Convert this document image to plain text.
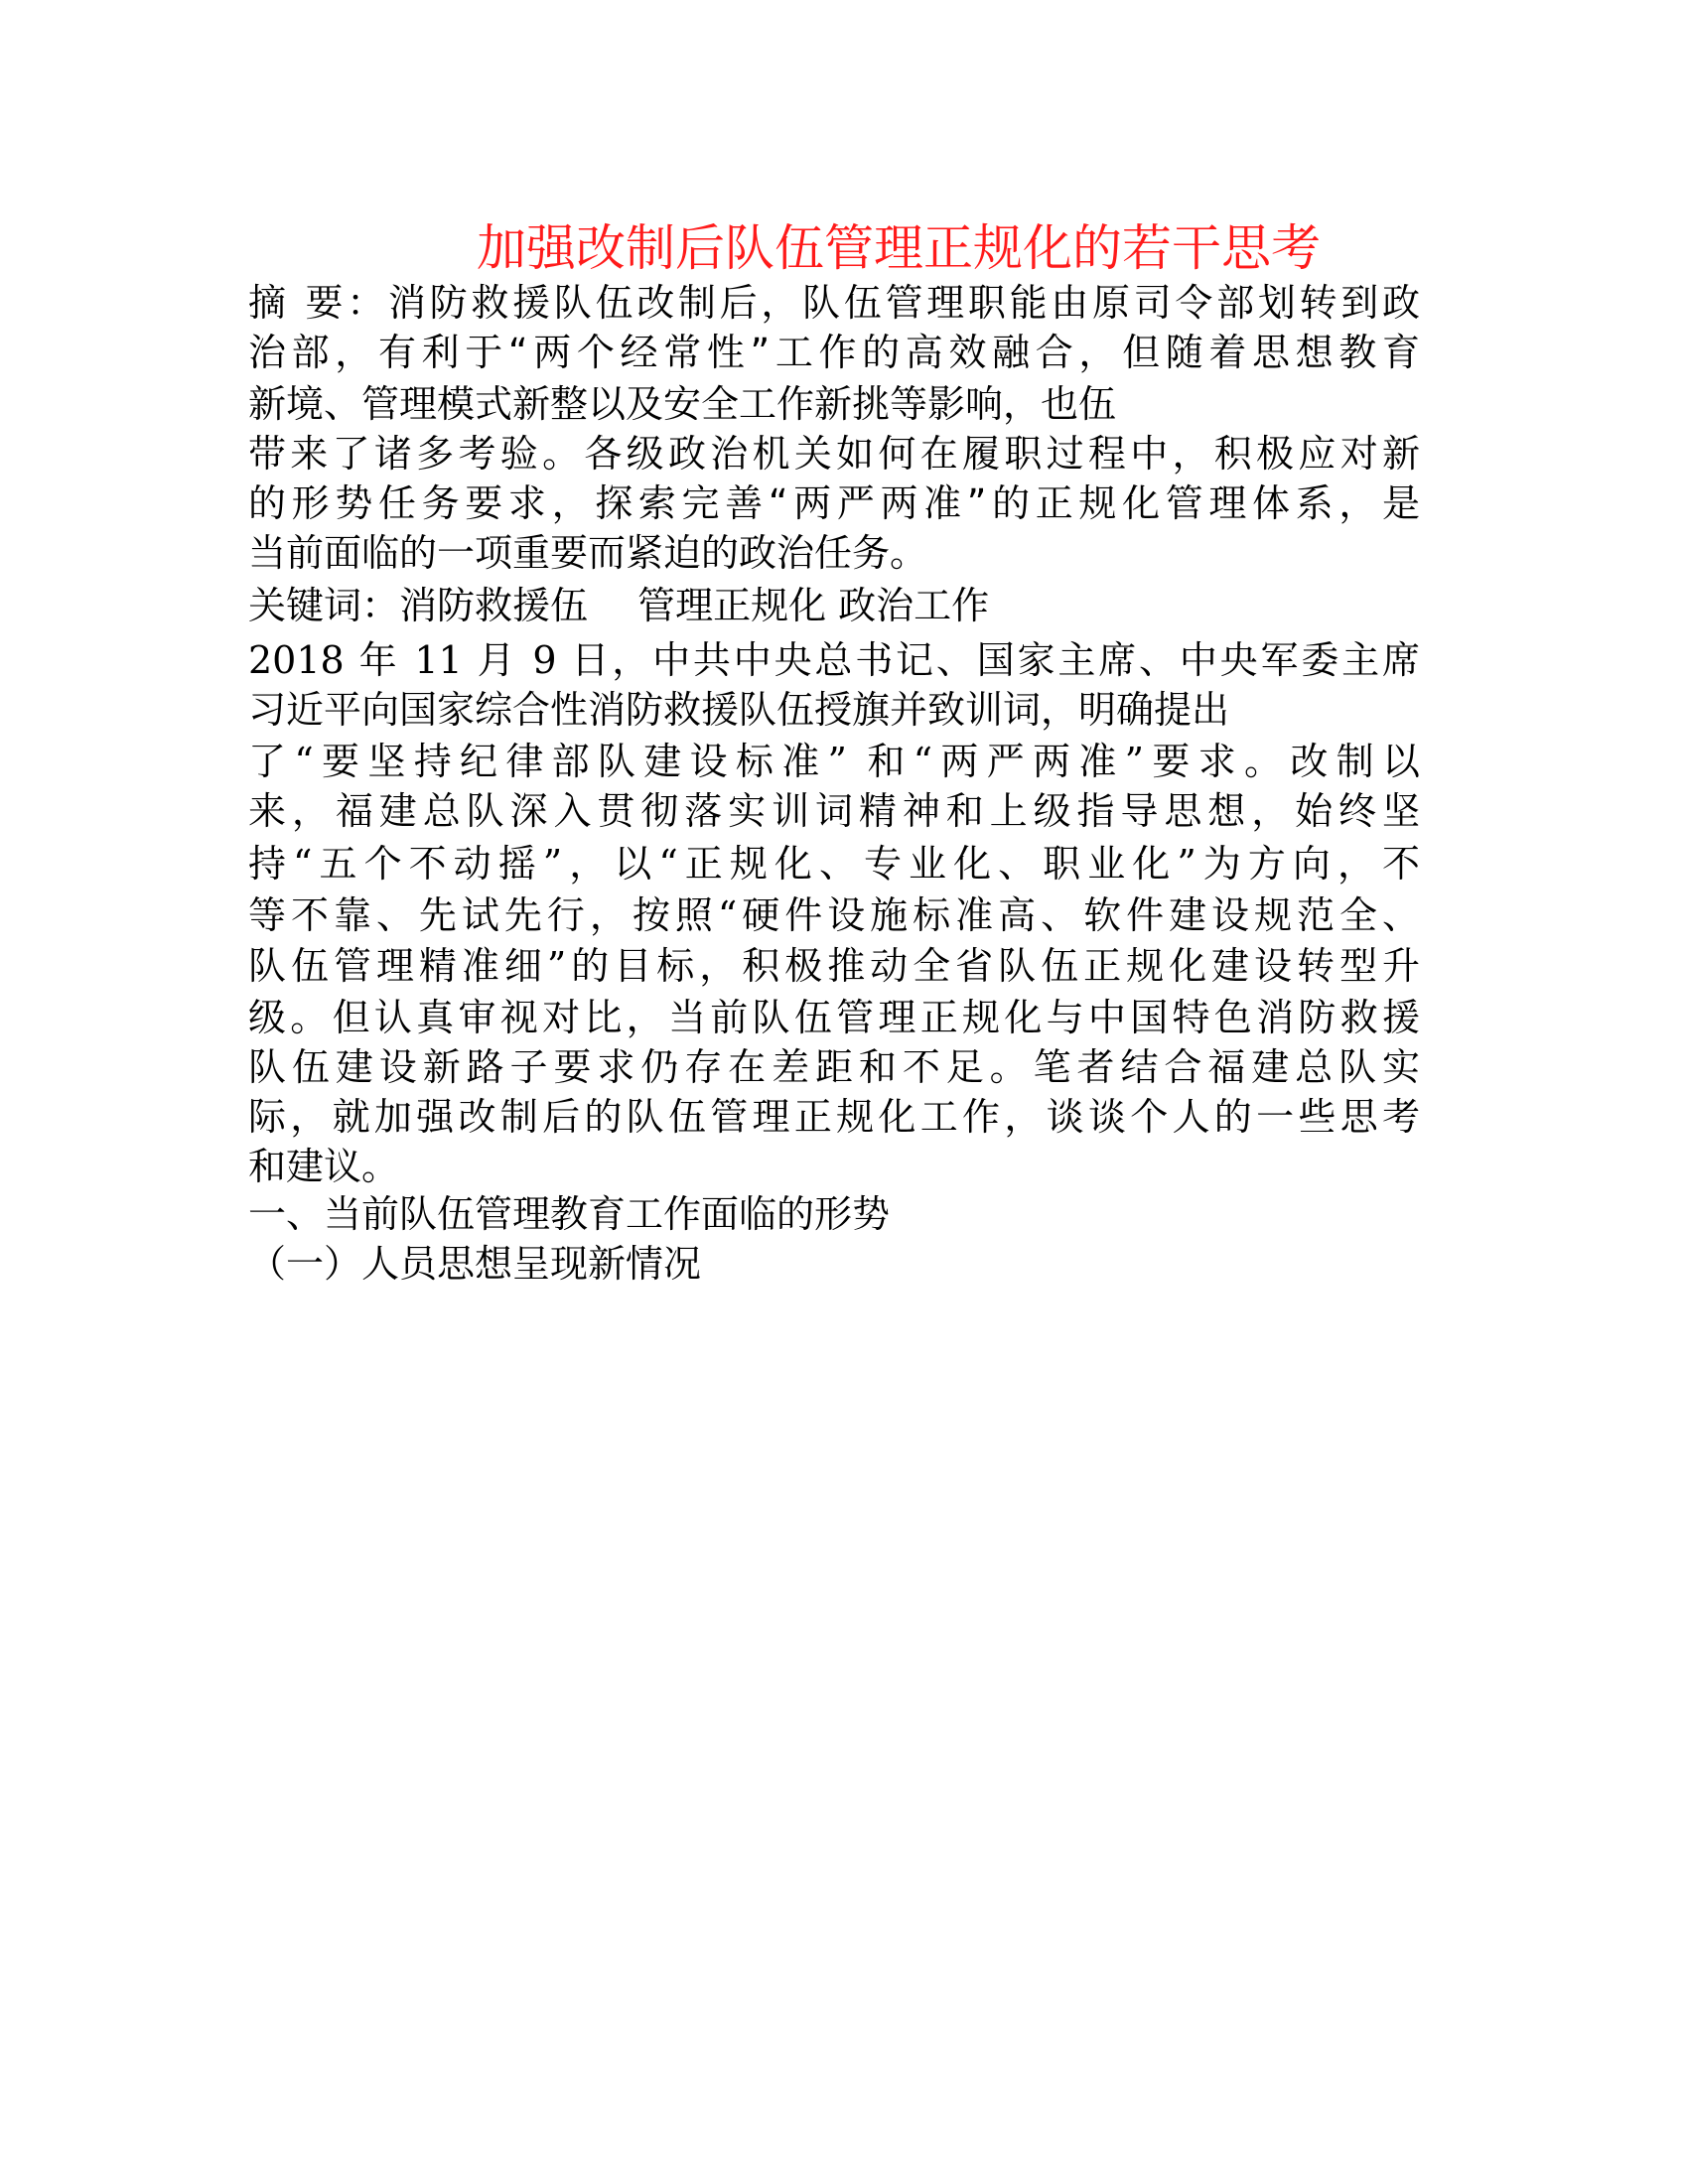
加强改制后队伍管理正规化的若干思考
摘 要：消防救援队伍改制后，队伍管理职能由原司令部划转到政
治部，有利于“两个经常性”工作的高效融合，但随着思想教育
新境、管理模式新整以及安全工作新挑等影响，也伍
带来了诸多考验。各级政治机关如何在履职过程中，积极应对新
的形势任务要求，探索完善“两严两准”的正规化管理体系，是
当前面临的一项重要而紧迫的政治任务。
关键词：消防救援伍　 管理正规化 政治工作
2018 年 11 月 9 日，中共中央总书记、国家主席、中央军委主席
习近平向国家综合性消防救援队伍授旗并致训词，明确提出
了“要坚持纪律部队建设标准” 和“两严两准”要求。改制以
来，福建总队深入贯彻落实训词精神和上级指导思想，始终坚
持“五个不动摇”，以“正规化、专业化、职业化”为方向，不
等不靠、先试先行，按照“硬件设施标准高、软件建设规范全、
队伍管理精准细”的目标，积极推动全省队伍正规化建设转型升
级。但认真审视对比，当前队伍管理正规化与中国特色消防救援
队伍建设新路子要求仍存在差距和不足。笔者结合福建总队实
际，就加强改制后的队伍管理正规化工作，谈谈个人的一些思考
和建议。
一、当前队伍管理教育工作面临的形势
（一）人员思想呈现新情况
